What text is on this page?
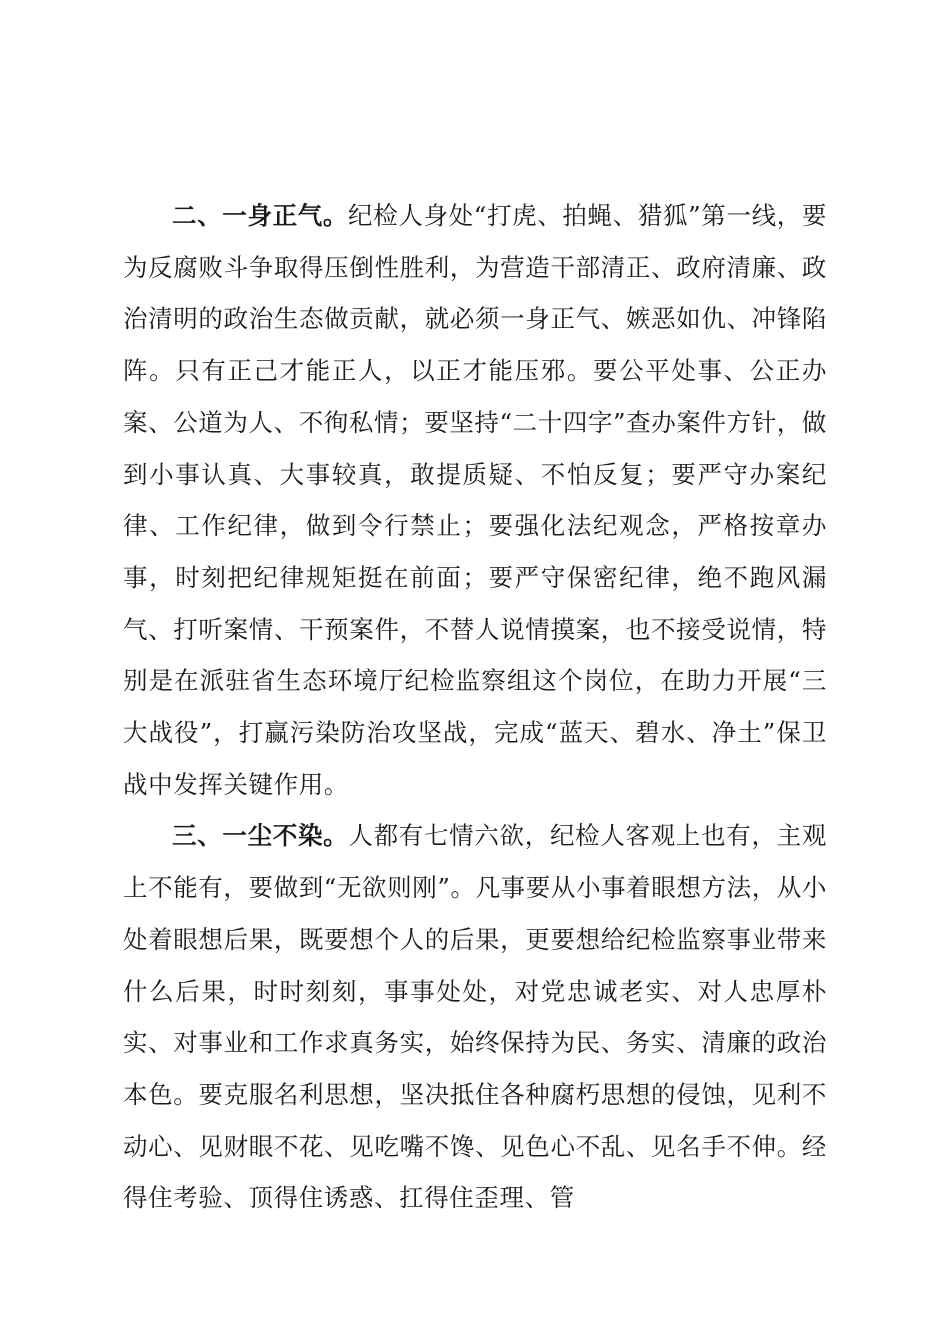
二、一身正气。纪检人身处“打虎、拍蝇、猎狐”第一线，要为反腐败斗争取得压倒性胜利，为营造干部清正、政府清廉、政治清明的政治生态做贡献，就必须一身正气、嫉恶如仇、冲锋陷阵。只有正己才能正人，以正才能压邪。要公平处事、公正办案、公道为人、不徇私情；要坚持“二十四字”查办案件方针，做到小事认真、大事较真，敢提质疑、不怕反复；要严守办案纪律、工作纪律，做到令行禁止；要强化法纪观念，严格按章办事，时刻把纪律规矩挺在前面；要严守保密纪律，绝不跑风漏气、打听案情、干预案件，不替人说情摸案，也不接受说情，特别是在派驻省生态环境厅纪检监察组这个岗位，在助力开展“三大战役”，打赢污染防治攻坚战，完成“蓝天、碧水、净土”保卫战中发挥关键作用。

三、一尘不染。人都有七情六欲，纪检人客观上也有，主观上不能有，要做到“无欲则刚”。凡事要从小事着眼想方法，从小处着眼想后果，既要想个人的后果，更要想给纪检监察事业带来什么后果，时时刻刻，事事处处，对党忠诚老实、对人忠厚朴实、对事业和工作求真务实，始终保持为民、务实、清廉的政治本色。要克服名利思想，坚决抵住各种腐朽思想的侵蚀，见利不动心、见财眼不花、见吃嘴不馋、见色心不乱、见名手不伸。经得住考验、顶得住诱惑、扛得住歪理、管
